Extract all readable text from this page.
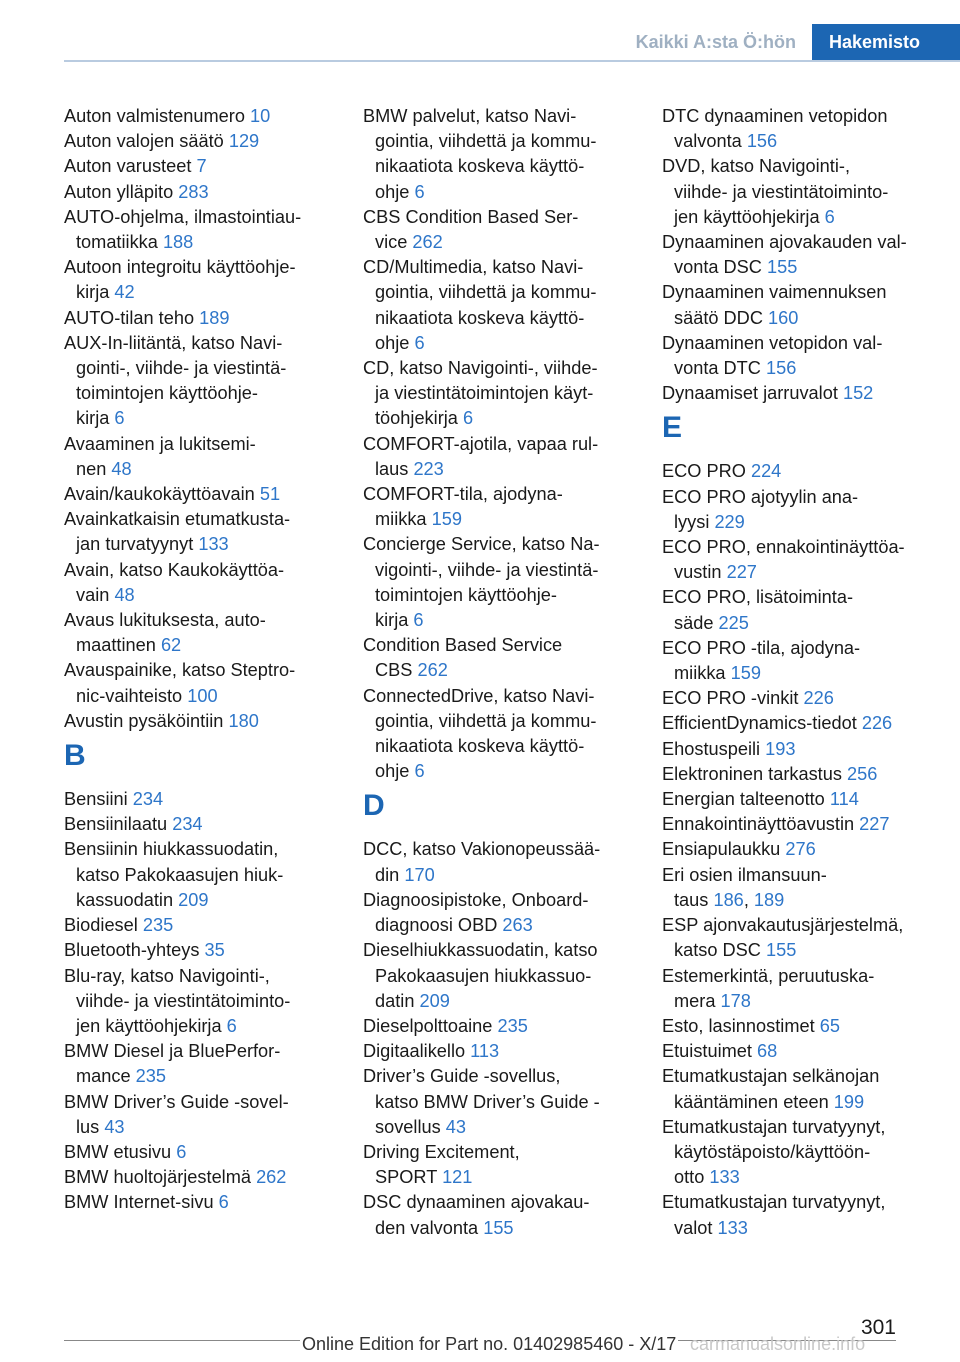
Kaikki A:sta Ö:hön	Hakemisto
Auton valmistenumero 10
Auton valojen säätö 129
Auton varusteet 7
Auton ylläpito 283
AUTO-ohjelma, ilmastointiau-
tomatiikka 188
Autoon integroitu käyttöohje-
kirja 42
AUTO-tilan teho 189
AUX-In-liitäntä, katso Navi-
gointi-, viihde- ja viestintä-
toimintojen käyttöohje-
kirja 6
Avaaminen ja lukitsemi-
nen 48
Avain/kaukokäyttöavain 51
Avainkatkaisin etumatkusta-
jan turvatyynyt 133
Avain, katso Kaukokäyttöa-
vain 48
Avaus lukituksesta, auto-
maattinen 62
Avauspainike, katso Steptro-
nic-vaihteisto 100
Avustin pysäköintiin 180
B
Bensiini 234
Bensiinilaatu 234
Bensiinin hiukkassuodatin,
katso Pakokaasujen hiuk-
kassuodatin 209
Biodiesel 235
Bluetooth-yhteys 35
Blu-ray, katso Navigointi-,
viihde- ja viestintätoiminto-
jen käyttöohjekirja 6
BMW Diesel ja BluePerfor-
mance 235
BMW Driver’s Guide -sovel-
lus 43
BMW etusivu 6
BMW huoltojärjestelmä 262
BMW Internet-sivu 6
BMW palvelut, katso Navi-
gointia, viihdettä ja kommu-
nikaatiota koskeva käyttö-
ohje 6
CBS Condition Based Ser-
vice 262
CD/Multimedia, katso Navi-
gointia, viihdettä ja kommu-
nikaatiota koskeva käyttö-
ohje 6
CD, katso Navigointi-, viihde-
ja viestintätoimintojen käyt-
töohjekirja 6
COMFORT-ajotila, vapaa rul-
laus 223
COMFORT-tila, ajodyna-
miikka 159
Concierge Service, katso Na-
vigointi-, viihde- ja viestintä-
toimintojen käyttöohje-
kirja 6
Condition Based Service
CBS 262
ConnectedDrive, katso Navi-
gointia, viihdettä ja kommu-
nikaatiota koskeva käyttö-
ohje 6
D
DCC, katso Vakionopeussää-
din 170
Diagnoosipistoke, Onboard-
diagnoosi OBD 263
Dieselhiukkassuodatin, katso
Pakokaasujen hiukkassuo-
datin 209
Dieselpolttoaine 235
Digitaalikello 113
Driver’s Guide -sovellus,
katso BMW Driver’s Guide -
sovellus 43
Driving Excitement,
SPORT 121
DSC dynaaminen ajovakau-
den valvonta 155
DTC dynaaminen vetopidon
valvonta 156
DVD, katso Navigointi-,
viihde- ja viestintätoiminto-
jen käyttöohjekirja 6
Dynaaminen ajovakauden val-
vonta DSC 155
Dynaaminen vaimennuksen
säätö DDC 160
Dynaaminen vetopidon val-
vonta DTC 156
Dynaamiset jarruvalot 152
E
ECO PRO 224
ECO PRO ajotyylin ana-
lyysi 229
ECO PRO, ennakointinäyttöa-
vustin 227
ECO PRO, lisätoiminta-
säde 225
ECO PRO -tila, ajodyna-
miikka 159
ECO PRO -vinkit 226
EfficientDynamics-tiedot 226
Ehostuspeili 193
Elektroninen tarkastus 256
Energian talteenotto 114
Ennakointinäyttöavustin 227
Ensiapulaukku 276
Eri osien ilmansuun-
taus 186, 189
ESP ajonvakautusjärjestelmä,
katso DSC 155
Estemerkintä, peruutuska-
mera 178
Esto, lasinnostimet 65
Etuistuimet 68
Etumatkustajan selkänojan
kääntäminen eteen 199
Etumatkustajan turvatyynyt,
käytöstäpoisto/käyttöön-
otto 133
Etumatkustajan turvatyynyt,
valot 133
301
carmanualsonline.info
Online Edition for Part no. 01402985460 - X/17
